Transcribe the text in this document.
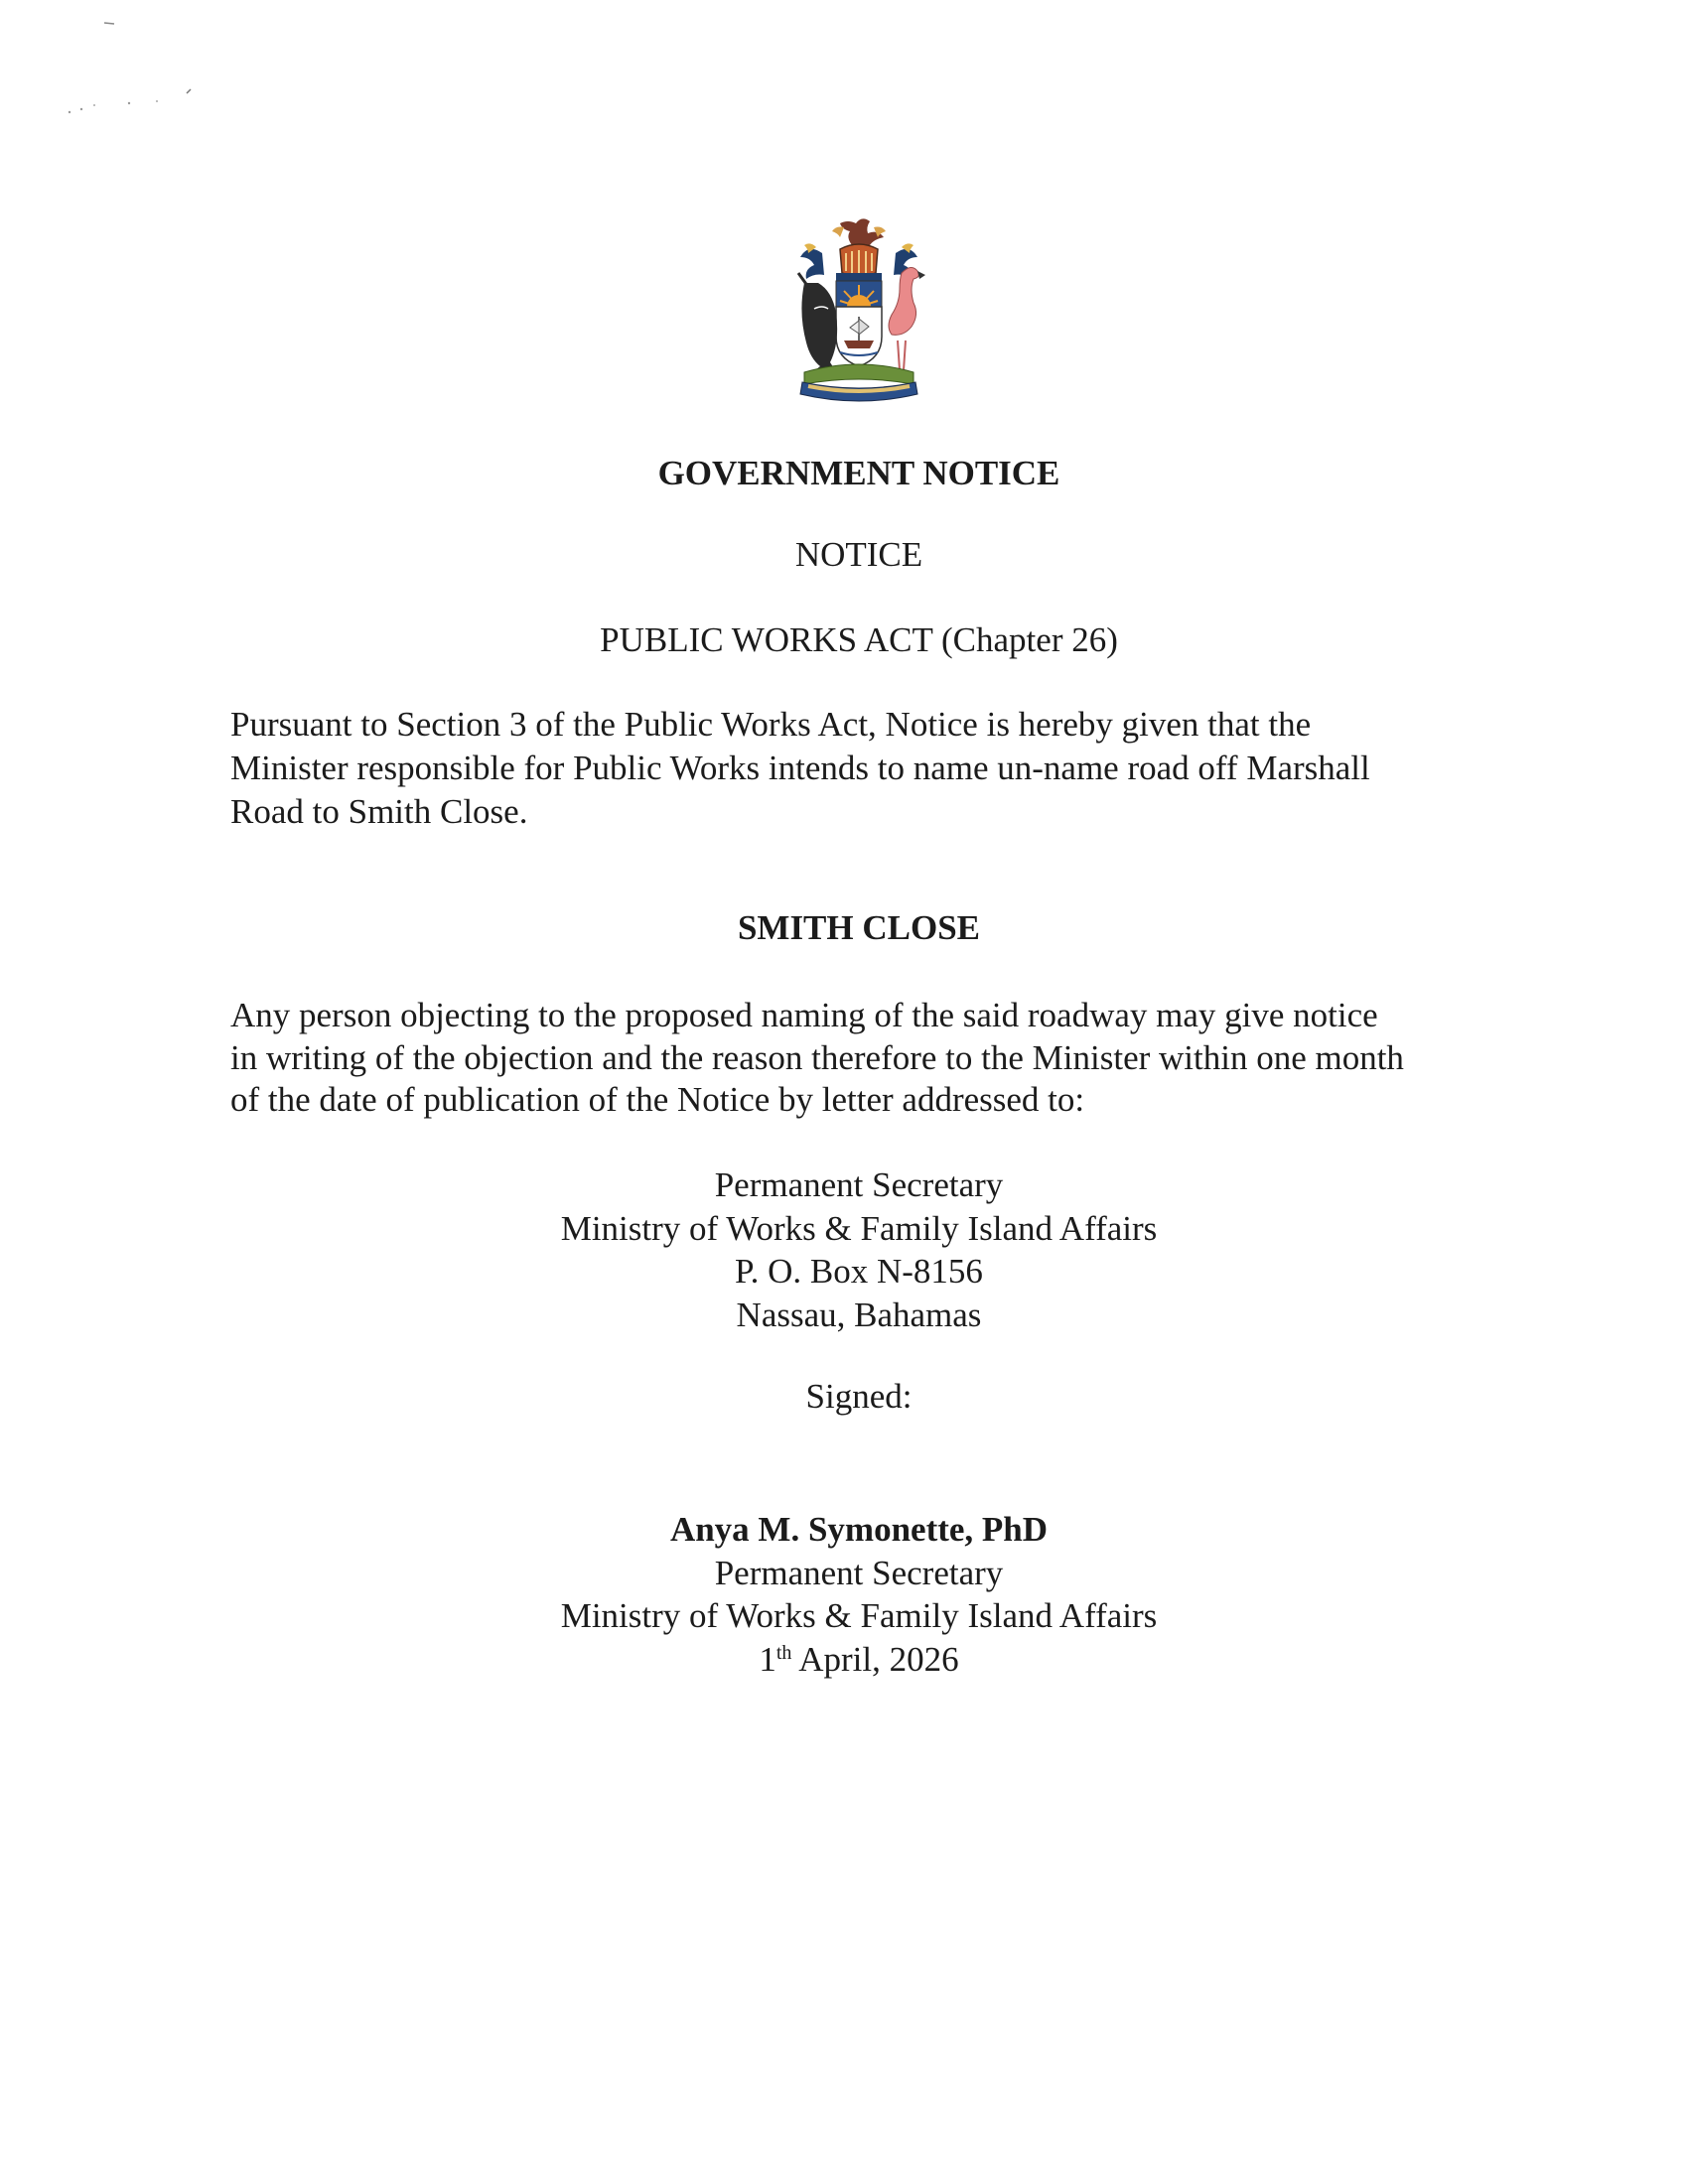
GOVERNMENT NOTICE
NOTICE
PUBLIC WORKS ACT (Chapter 26)
Pursuant to Section 3 of the Public Works Act, Notice is hereby given that the
Minister responsible for Public Works intends to name un-name road off Marshall
Road to Smith Close.
SMITH CLOSE
Any person objecting to the proposed naming of the said roadway may give notice
in writing of the objection and the reason therefore to the Minister within one month
of the date of publication of the Notice by letter addressed to:
Permanent Secretary
Ministry of Works & Family Island Affairs
P. O. Box N-8156
Nassau, Bahamas
Signed:
Anya M. Symonette, PhD
Permanent Secretary
Ministry of Works & Family Island Affairs
1th April, 2026
